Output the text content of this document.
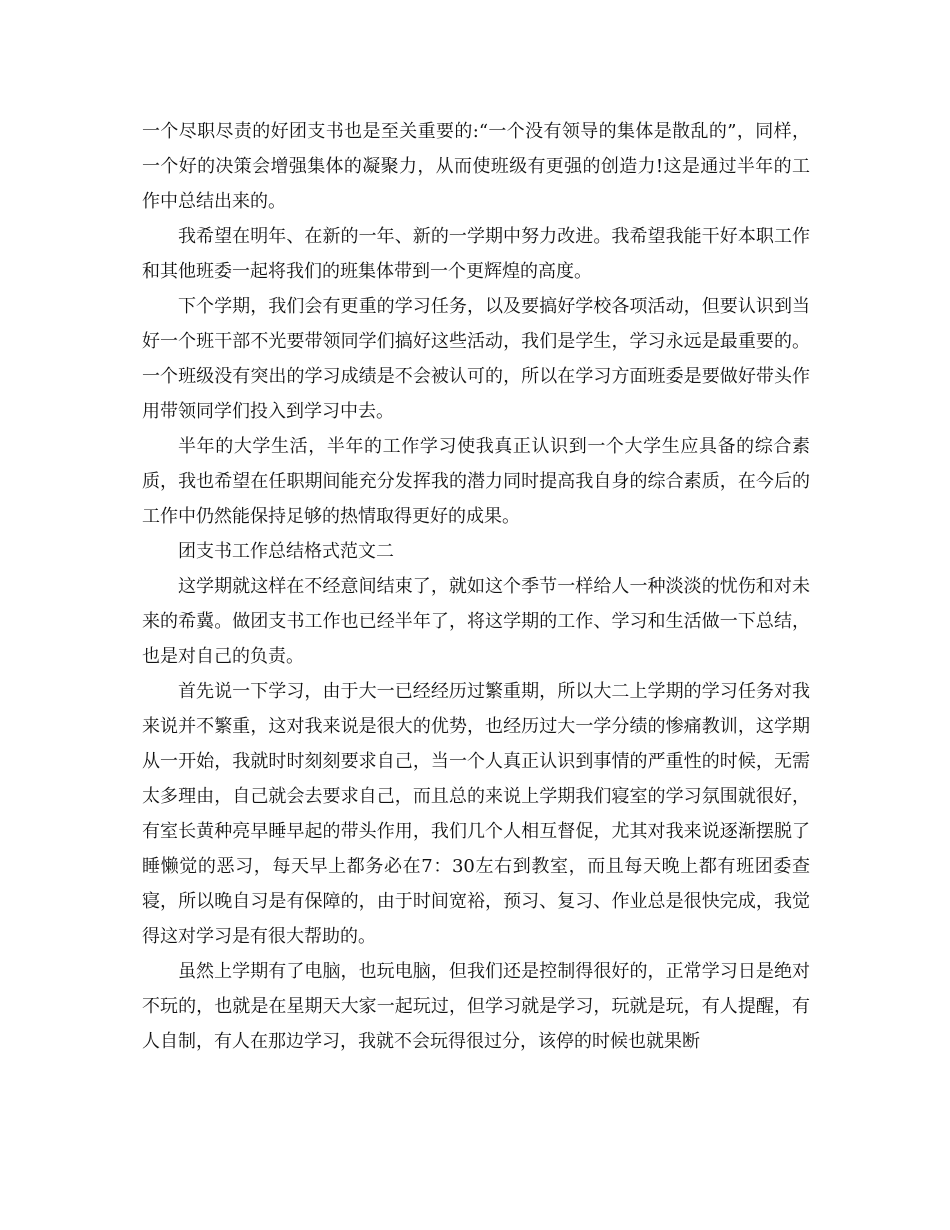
一个尽职尽责的好团支书也是至关重要的:“一个没有领导的集体是散乱的”，同样，一个好的决策会增强集体的凝聚力，从而使班级有更强的创造力!这是通过半年的工作中总结出来的。

我希望在明年、在新的一年、新的一学期中努力改进。我希望我能干好本职工作和其他班委一起将我们的班集体带到一个更辉煌的高度。

下个学期，我们会有更重的学习任务，以及要搞好学校各项活动，但要认识到当好一个班干部不光要带领同学们搞好这些活动，我们是学生，学习永远是最重要的。一个班级没有突出的学习成绩是不会被认可的，所以在学习方面班委是要做好带头作用带领同学们投入到学习中去。

半年的大学生活，半年的工作学习使我真正认识到一个大学生应具备的综合素质，我也希望在任职期间能充分发挥我的潜力同时提高我自身的综合素质，在今后的工作中仍然能保持足够的热情取得更好的成果。

团支书工作总结格式范文二

这学期就这样在不经意间结束了，就如这个季节一样给人一种淡淡的忧伤和对未来的希冀。做团支书工作也已经半年了，将这学期的工作、学习和生活做一下总结，也是对自己的负责。

首先说一下学习，由于大一已经经历过繁重期，所以大二上学期的学习任务对我来说并不繁重，这对我来说是很大的优势，也经历过大一学分绩的惨痛教训，这学期从一开始，我就时时刻刻要求自己，当一个人真正认识到事情的严重性的时候，无需太多理由，自己就会去要求自己，而且总的来说上学期我们寝室的学习氛围就很好，有室长黄种亮早睡早起的带头作用，我们几个人相互督促，尤其对我来说逐渐摆脱了睡懒觉的恶习，每天早上都务必在7：30左右到教室，而且每天晚上都有班团委查寝，所以晚自习是有保障的，由于时间宽裕，预习、复习、作业总是很快完成，我觉得这对学习是有很大帮助的。

虽然上学期有了电脑，也玩电脑，但我们还是控制得很好的，正常学习日是绝对不玩的，也就是在星期天大家一起玩过，但学习就是学习，玩就是玩，有人提醒，有人自制，有人在那边学习，我就不会玩得很过分，该停的时候也就果断
